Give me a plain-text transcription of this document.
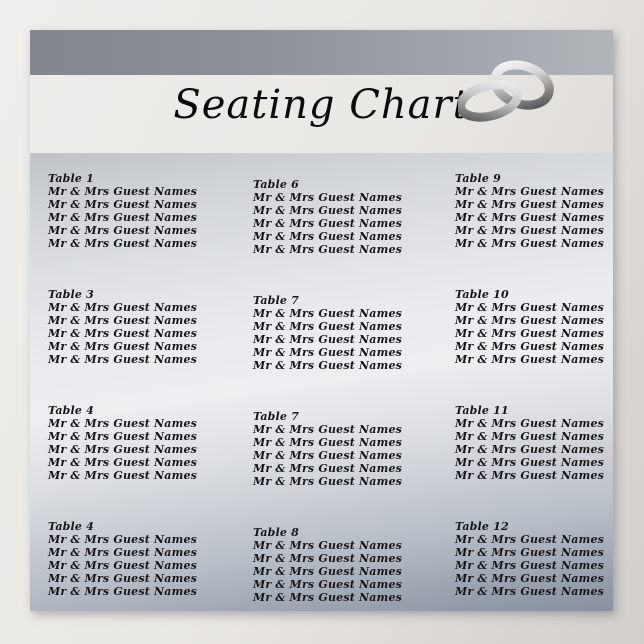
Seating Chart
Table 1
Mr & Mrs Guest Names
Mr & Mrs Guest Names
Mr & Mrs Guest Names
Mr & Mrs Guest Names
Mr & Mrs Guest Names
Table 3
Mr & Mrs Guest Names
Mr & Mrs Guest Names
Mr & Mrs Guest Names
Mr & Mrs Guest Names
Mr & Mrs Guest Names
Table 4
Mr & Mrs Guest Names
Mr & Mrs Guest Names
Mr & Mrs Guest Names
Mr & Mrs Guest Names
Mr & Mrs Guest Names
Table 4
Mr & Mrs Guest Names
Mr & Mrs Guest Names
Mr & Mrs Guest Names
Mr & Mrs Guest Names
Mr & Mrs Guest Names
Table 6
Mr & Mrs Guest Names
Mr & Mrs Guest Names
Mr & Mrs Guest Names
Mr & Mrs Guest Names
Mr & Mrs Guest Names
Table 7
Mr & Mrs Guest Names
Mr & Mrs Guest Names
Mr & Mrs Guest Names
Mr & Mrs Guest Names
Mr & Mrs Guest Names
Table 7
Mr & Mrs Guest Names
Mr & Mrs Guest Names
Mr & Mrs Guest Names
Mr & Mrs Guest Names
Mr & Mrs Guest Names
Table 8
Mr & Mrs Guest Names
Mr & Mrs Guest Names
Mr & Mrs Guest Names
Mr & Mrs Guest Names
Mr & Mrs Guest Names
Table 9
Mr & Mrs Guest Names
Mr & Mrs Guest Names
Mr & Mrs Guest Names
Mr & Mrs Guest Names
Mr & Mrs Guest Names
Table 10
Mr & Mrs Guest Names
Mr & Mrs Guest Names
Mr & Mrs Guest Names
Mr & Mrs Guest Names
Mr & Mrs Guest Names
Table 11
Mr & Mrs Guest Names
Mr & Mrs Guest Names
Mr & Mrs Guest Names
Mr & Mrs Guest Names
Mr & Mrs Guest Names
Table 12
Mr & Mrs Guest Names
Mr & Mrs Guest Names
Mr & Mrs Guest Names
Mr & Mrs Guest Names
Mr & Mrs Guest Names
